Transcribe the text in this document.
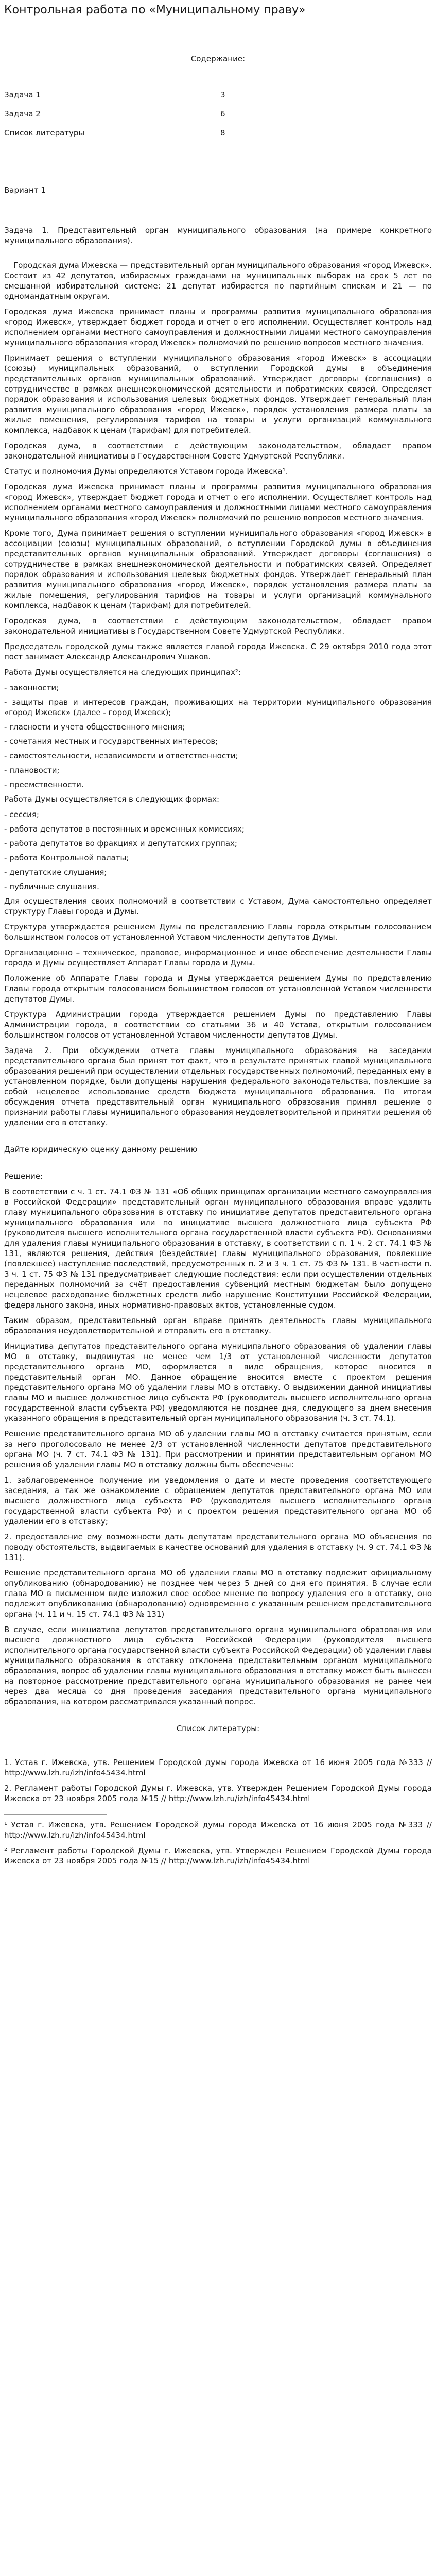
Контрольная работа по «Муниципальному праву»
Содержание:
Задача 1	3
Задача 2	6
Список литературы	8

Вариант 1

Задача 1. Представительный орган муниципального образования (на примере конкретного муниципального образования).

Городская дума Ижевска — представительный орган муниципального образования «город Ижевск». Состоит из 42 депутатов, избираемых гражданами на муниципальных выборах на срок 5 лет по смешанной избирательной системе: 21 депутат избирается по партийным спискам и 21 — по одномандатным округам.

Городская дума Ижевска принимает планы и программы развития муниципального образования «город Ижевск», утверждает бюджет города и отчет о его исполнении. Осуществляет контроль над исполнением органами местного самоуправления и должностными лицами местного самоуправления муниципального образования «город Ижевск» полномочий по решению вопросов местного значения.

Принимает решения о вступлении муниципального образования «город Ижевск» в ассоциации (союзы) муниципальных образований, о вступлении Городской думы в объединения представительных органов муниципальных образований. Утверждает договоры (соглашения) о сотрудничестве в рамках внешнеэкономической деятельности и побратимских связей. Определяет порядок образования и использования целевых бюджетных фондов. Утверждает генеральный план развития муниципального образования «город Ижевск», порядок установления размера платы за жилые помещения, регулирования тарифов на товары и услуги организаций коммунального комплекса, надбавок к ценам (тарифам) для потребителей.

Городская дума, в соответствии с действующим законодательством, обладает правом законодательной инициативы в Государственном Совете Удмуртской Республики.

Статус и полномочия Думы определяются Уставом города Ижевска¹.

Городская дума Ижевска принимает планы и программы развития муниципального образования «город Ижевск», утверждает бюджет города и отчет о его исполнении. Осуществляет контроль над исполнением органами местного самоуправления и должностными лицами местного самоуправления муниципального образования «город Ижевск» полномочий по решению вопросов местного значения.

Кроме того, Дума принимает решения о вступлении муниципального образования «город Ижевск» в ассоциации (союзы) муниципальных образований, о вступлении Городской думы в объединения представительных органов муниципальных образований. Утверждает договоры (соглашения) о сотрудничестве в рамках внешнеэкономической деятельности и побратимских связей. Определяет порядок образования и использования целевых бюджетных фондов. Утверждает генеральный план развития муниципального образования «город Ижевск», порядок установления размера платы за жилые помещения, регулирования тарифов на товары и услуги организаций коммунального комплекса, надбавок к ценам (тарифам) для потребителей.

Городская дума, в соответствии с действующим законодательством, обладает правом законодательной инициативы в Государственном Совете Удмуртской Республики.

Председатель городской думы также является главой города Ижевска. С 29 октября 2010 года этот пост занимает Александр Александрович Ушаков.

Работа Думы осуществляется на следующих принципах²:

- законности;

- защиты прав и интересов граждан, проживающих на территории муниципального образования «город Ижевск» (далее - город Ижевск);

- гласности и учета общественного мнения;

- сочетания местных и государственных интересов;

- самостоятельности, независимости и ответственности;

- плановости;

- преемственности.

Работа Думы осуществляется в следующих формах:

- сессия;

- работа депутатов в постоянных и временных комиссиях;

- работа депутатов во фракциях и депутатских группах;

- работа Контрольной палаты;

- депутатские слушания;

- публичные слушания.

Для осуществления своих полномочий в соответствии с Уставом, Дума самостоятельно определяет структуру Главы города и Думы.

Структура утверждается решением Думы по представлению Главы города открытым голосованием большинством голосов от установленной Уставом численности депутатов Думы.

Организационно – техническое, правовое, информационное и иное обеспечение деятельности Главы города и Думы осуществляет Аппарат Главы города и Думы.

Положение об Аппарате Главы города и Думы утверждается решением Думы по представлению Главы города открытым голосованием большинством голосов от установленной Уставом численности депутатов Думы.

Структура Администрации города утверждается решением Думы по представлению Главы Администрации города, в соответствии со статьями 36 и 40 Устава, открытым голосованием большинством голосов от установленной Уставом численности депутатов Думы.

Задача 2. При обсуждении отчета главы муниципального образования на заседании представительного органа был принят тот факт, что в результате принятых главой муниципального образования решений при осуществлении отдельных государственных полномочий, переданных ему в установленном порядке, были допущены нарушения федерального законодательства, повлекшие за собой нецелевое использование средств бюджета муниципального образования. По итогам обсуждения отчета представительный орган муниципального образования принял решение о признании работы главы муниципального образования неудовлетворительной и принятии решения об удалении его в отставку.

Дайте юридическую оценку данному решению

Решение:

В соответствии с ч. 1 ст. 74.1 ФЗ № 131 «Об общих принципах организации местного самоуправления в Российской Федерации» представительный орган муниципального образования вправе удалить главу муниципального образования в отставку по инициативе депутатов представительного органа муниципального образования или по инициативе высшего должностного лица субъекта РФ (руководителя высшего исполнительного органа государственной власти субъекта РФ). Основаниями для удаления главы муниципального образования в отставку, в соответствии с п. 1 ч. 2 ст. 74.1 ФЗ № 131, являются решения, действия (бездействие) главы муниципального образования, повлекшие (повлекшее) наступление последствий, предусмотренных п. 2 и 3 ч. 1 ст. 75 ФЗ № 131. В частности п. 3 ч. 1 ст. 75 ФЗ № 131 предусматривает следующие последствия: если при осуществлении отдельных переданных полномочий за счёт предоставления субвенций местным бюджетам было допущено нецелевое расходование бюджетных средств либо нарушение Конституции Российской Федерации, федерального закона, иных нормативно-правовых актов, установленные судом.

Таким образом, представительный орган вправе принять деятельность главы муниципального образования неудовлетворительной и отправить его в отставку.

Инициатива депутатов представительного органа муниципального образования об удалении главы МО в отставку, выдвинутая не менее чем 1/3 от установленной численности депутатов представительного органа МО, оформляется в виде обращения, которое вносится в представительный орган МО. Данное обращение вносится вместе с проектом решения представительного органа МО об удалении главы МО в отставку. О выдвижении данной инициативы главы МО и высшее должностное лицо субъекта РФ (руководитель высшего исполнительного органа государственной власти субъекта РФ) уведомляются не позднее дня, следующего за днем внесения указанного обращения в представительный орган муниципального образования (ч. 3 ст. 74.1).

Решение представительного органа МО об удалении главы МО в отставку считается принятым, если за него проголосовало не менее 2/3 от установленной численности депутатов представительного органа МО (ч. 7 ст. 74.1 ФЗ № 131). При рассмотрении и принятии представительным органом МО решения об удалении главы МО в отставку должны быть обеспечены:

1. заблаговременное получение им уведомления о дате и месте проведения соответствующего заседания, а так же ознакомление с обращением депутатов представительного органа МО или высшего должностного лица субъекта РФ (руководителя высшего исполнительного органа государственной власти субъекта РФ) и с проектом решения представительного органа МО об удалении его в отставку;

2. предоставление ему возможности дать депутатам представительного органа МО объяснения по поводу обстоятельств, выдвигаемых в качестве оснований для удаления в отставку (ч. 9 ст. 74.1 ФЗ № 131).

Решение представительного органа МО об удалении главы МО в отставку подлежит официальному опубликованию (обнародованию) не позднее чем через 5 дней со дня его принятия. В случае если глава МО в письменном виде изложил свое особое мнение по вопросу удаления его в отставку, оно подлежит опубликованию (обнародованию) одновременно с указанным решением представительного органа (ч. 11 и ч. 15 ст. 74.1 ФЗ № 131)

В случае, если инициатива депутатов представительного органа муниципального образования или высшего должностного лица субъекта Российской Федерации (руководителя высшего исполнительного органа государственной власти субъекта Российской Федерации) об удалении главы муниципального образования в отставку отклонена представительным органом муниципального образования, вопрос об удалении главы муниципального образования в отставку может быть вынесен на повторное рассмотрение представительного органа муниципального образования не ранее чем через два месяца со дня проведения заседания представительного органа муниципального образования, на котором рассматривался указанный вопрос.

Список литературы:

1. Устав г. Ижевска, утв. Решением Городской думы города Ижевска от 16 июня 2005 года №333 // http://www.lzh.ru/izh/info45434.html

2. Регламент работы Городской Думы г. Ижевска, утв. Утвержден Решением Городской Думы города Ижевска от 23 ноября 2005 года №15 // http://www.lzh.ru/izh/info45434.html

¹ Устав г. Ижевска, утв. Решением Городской думы города Ижевска от 16 июня 2005 года №333 // http://www.lzh.ru/izh/info45434.html

² Регламент работы Городской Думы г. Ижевска, утв. Утвержден Решением Городской Думы города Ижевска от 23 ноября 2005 года №15 // http://www.lzh.ru/izh/info45434.html
